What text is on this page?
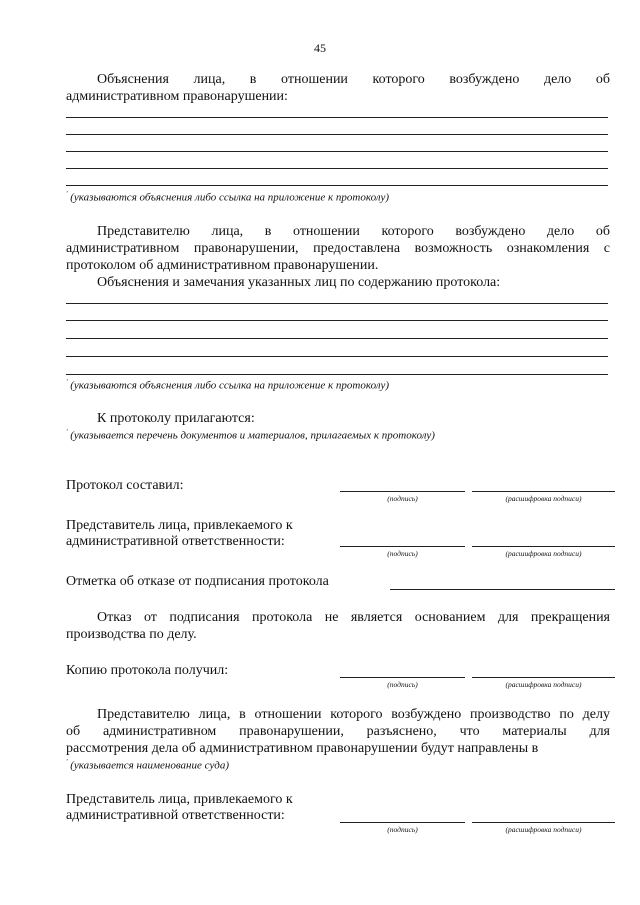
45
Объяснения лица, в отношении которого возбуждено дело об
административном правонарушении:
' (указываются объяснения либо ссылка на приложение к протоколу)
Представителю лица, в отношении которого возбуждено дело об
административном правонарушении, предоставлена возможность ознакомления с
протоколом об административном правонарушении.
Объяснения и замечания указанных лиц по содержанию протокола:
' (указываются объяснения либо ссылка на приложение к протоколу)
К протоколу прилагаются:
' (указывается перечень документов и материалов, прилагаемых к протоколу)
Протокол составил:
(подпись)	(расшифровка подписи)
Представитель лица, привлекаемого к
административной ответственности:
(подпись)	(расшифровка подписи)
Отметка об отказе от подписания протокола
Отказ от подписания протокола не является основанием для прекращения
производства по делу.
Копию протокола получил:
(подпись)	(расшифровка подписи)
Представителю лица, в отношении которого возбуждено производство по делу
об административном правонарушении, разъяснено, что материалы для
рассмотрения дела об административном правонарушении будут направлены в
' (указывается наименование суда)
Представитель лица, привлекаемого к
административной ответственности:
(подпись)	(расшифровка подписи)
